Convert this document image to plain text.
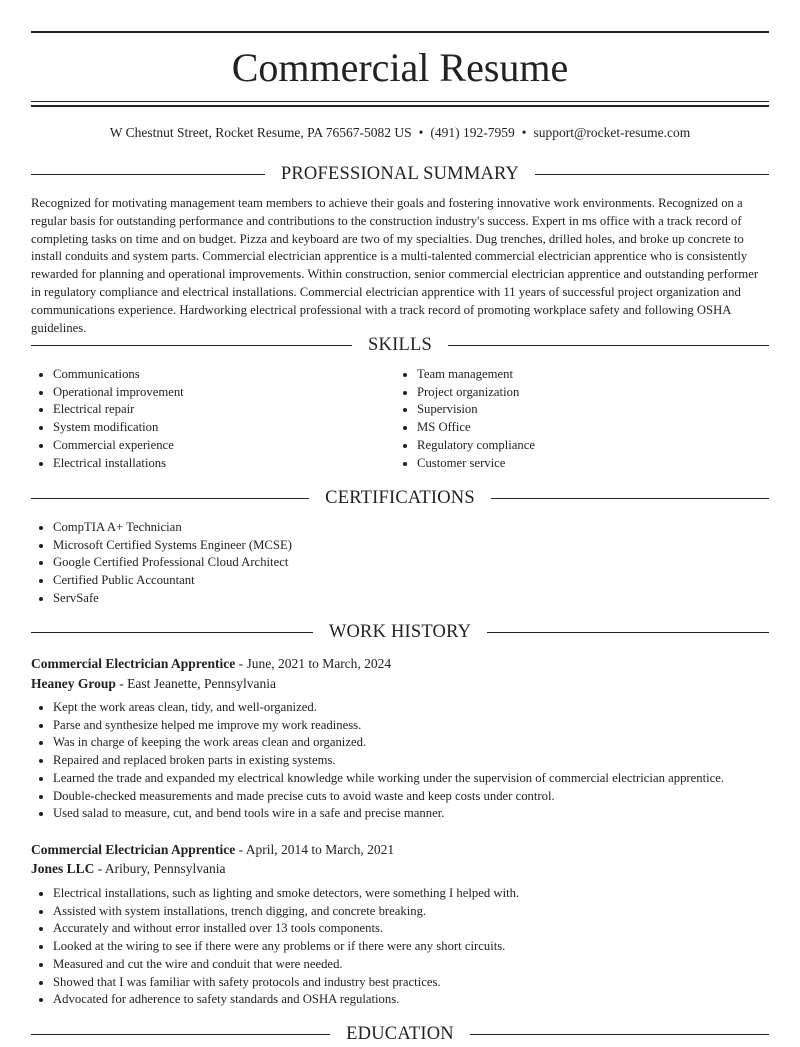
Commercial Resume
W Chestnut Street, Rocket Resume, PA 76567-5082 US • (491) 192-7959 • support@rocket-resume.com
PROFESSIONAL SUMMARY

Recognized for motivating management team members to achieve their goals and fostering innovative work environments. Recognized on a regular basis for outstanding performance and contributions to the construction industry's success. Expert in ms office with a track record of completing tasks on time and on budget. Pizza and keyboard are two of my specialties. Dug trenches, drilled holes, and broke up concrete to install conduits and system parts. Commercial electrician apprentice is a multi-talented commercial electrician apprentice who is consistently rewarded for planning and operational improvements. Within construction, senior commercial electrician apprentice and outstanding performer in regulatory compliance and electrical installations. Commercial electrician apprentice with 11 years of successful project organization and communications experience. Hardworking electrical professional with a track record of promoting workplace safety and following OSHA guidelines.

SKILLS
• Communications
• Operational improvement
• Electrical repair
• System modification
• Commercial experience
• Electrical installations
• Team management
• Project organization
• Supervision
• MS Office
• Regulatory compliance
• Customer service
CERTIFICATIONS
• CompTIA A+ Technician
• Microsoft Certified Systems Engineer (MCSE)
• Google Certified Professional Cloud Architect
• Certified Public Accountant
• ServSafe
WORK HISTORY
Commercial Electrician Apprentice - June, 2021 to March, 2024
Heaney Group - East Jeanette, Pennsylvania
• Kept the work areas clean, tidy, and well-organized.
• Parse and synthesize helped me improve my work readiness.
• Was in charge of keeping the work areas clean and organized.
• Repaired and replaced broken parts in existing systems.
• Learned the trade and expanded my electrical knowledge while working under the supervision of commercial electrician apprentice.
• Double-checked measurements and made precise cuts to avoid waste and keep costs under control.
• Used salad to measure, cut, and bend tools wire in a safe and precise manner.
Commercial Electrician Apprentice - April, 2014 to March, 2021
Jones LLC - Aribury, Pennsylvania
• Electrical installations, such as lighting and smoke detectors, were something I helped with.
• Assisted with system installations, trench digging, and concrete breaking.
• Accurately and without error installed over 13 tools components.
• Looked at the wiring to see if there were any problems or if there were any short circuits.
• Measured and cut the wire and conduit that were needed.
• Showed that I was familiar with safety protocols and industry best practices.
• Advocated for adherence to safety standards and OSHA regulations.
EDUCATION
